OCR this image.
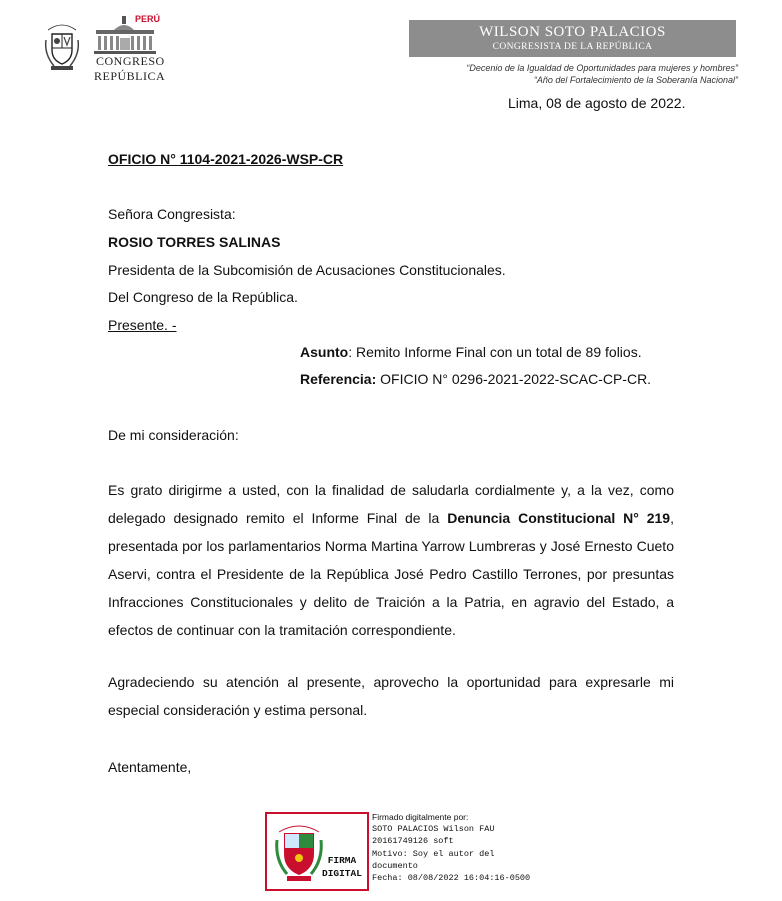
PERÚ
CONGRESO
REPÚBLICA
WILSON SOTO PALACIOS
CONGRESISTA DE LA REPÚBLICA
“Decenio de la Igualdad de Oportunidades para mujeres y hombres”
“Año del Fortalecimiento de la Soberanía Nacional”
Lima, 08 de agosto de 2022.
OFICIO N° 1104-2021-2026-WSP-CR
Señora Congresista:
ROSIO TORRES SALINAS
Presidenta de la Subcomisión de Acusaciones Constitucionales.
Del Congreso de la República.
Presente. -
Asunto: Remito Informe Final con un total de 89 folios.
Referencia: OFICIO N° 0296-2021-2022-SCAC-CP-CR.
De mi consideración:
Es grato dirigirme a usted, con la finalidad de saludarla cordialmente y, a la vez, como delegado designado remito el Informe Final de la Denuncia Constitucional N° 219, presentada por los parlamentarios Norma Martina Yarrow Lumbreras y José Ernesto Cueto Aservi, contra el Presidente de la República José Pedro Castillo Terrones, por presuntas Infracciones Constitucionales y delito de Traición a la Patria, en agravio del Estado, a efectos de continuar con la tramitación correspondiente.
Agradeciendo su atención al presente, aprovecho la oportunidad para expresarle mi especial consideración y estima personal.
Atentamente,
FIRMA
DIGITAL
Firmado digitalmente por:
SOTO PALACIOS Wilson FAU
20161749126 soft
Motivo: Soy el autor del
documento
Fecha: 08/08/2022 16:04:16-0500
